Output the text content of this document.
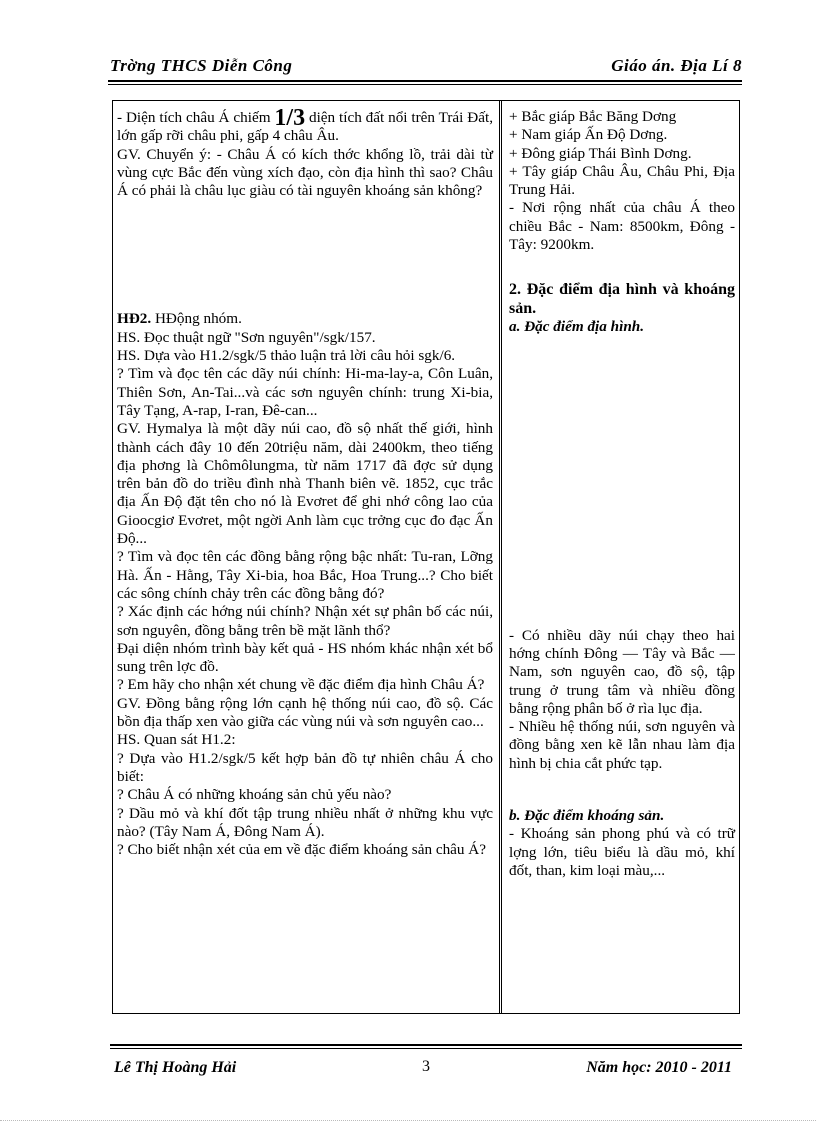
Trờng THCS Diễn Công	Giáo án. Địa Lí 8

- Diện tích châu Á chiếm 1/3 diện tích đất nổi trên Trái Đất, lớn gấp rỡi châu phi, gấp 4 châu Âu.

GV. Chuyển ý: - Châu Á có kích thớc khổng lồ, trải dài từ vùng cực Bắc đến vùng xích đạo, còn địa hình thì sao? Châu Á có phải là châu lục giàu có tài nguyên khoáng sản không?

HĐ2. HĐộng nhóm.

HS. Đọc thuật ngữ "Sơn nguyên"/sgk/157.

HS. Dựa vào H1.2/sgk/5 thảo luận trả lời câu hỏi sgk/6.

? Tìm và đọc tên các dãy núi chính: Hi-ma-lay-a, Côn Luân, Thiên Sơn, An-Tai...và các sơn nguyên chính: trung Xi-bia, Tây Tạng, A-rap, I-ran, Đê-can...

GV. Hymalya là một dãy núi cao, đồ sộ nhất thế giới, hình thành cách đây 10 đến 20triệu năm, dài 2400km, theo tiếng địa phơng là Chômôlungma, từ năm 1717 đã đợc sử dụng trên bản đồ do triều đình nhà Thanh biên vẽ. 1852, cục trắc địa Ấn Độ đặt tên cho nó là Evơret để ghi nhớ công lao của Gioocgiơ Evơret, một ngời Anh làm cục trởng cục đo đạc Ấn Độ...

? Tìm và đọc tên các đồng bằng rộng bậc nhất: Tu-ran, Lỡng Hà. Ấn - Hằng, Tây Xi-bia, hoa Bắc, Hoa Trung...? Cho biết các sông chính chảy trên các đồng bằng đó?

? Xác định các hớng núi chính? Nhận xét sự phân bố các núi, sơn nguyên, đồng bằng trên bề mặt lãnh thổ?

Đại diện nhóm trình bày kết quả - HS nhóm khác nhận xét bổ sung trên lợc đồ.

? Em hãy cho nhận xét chung về đặc điểm địa hình Châu Á?

GV. Đồng bằng rộng lớn cạnh hệ thống núi cao, đồ sộ. Các bồn địa thấp xen vào giữa các vùng núi và sơn nguyên cao...

HS. Quan sát H1.2:

? Dựa vào H1.2/sgk/5 kết hợp bản đồ tự nhiên châu Á cho biết:

? Châu Á có những khoáng sản chủ yếu nào?

? Dầu mỏ và khí đốt tập trung nhiều nhất ở những khu vực nào? (Tây Nam Á, Đông Nam Á).

? Cho biết nhận xét của em về đặc điểm khoáng sản châu Á?

+ Bắc giáp Bắc Băng Dơng

+ Nam giáp Ấn Độ Dơng.

+ Đông giáp Thái Bình Dơng.

+ Tây giáp Châu Âu, Châu Phi, Địa Trung Hải.

- Nơi rộng nhất của châu Á theo chiều Bắc - Nam: 8500km, Đông - Tây: 9200km.

2. Đặc điểm địa hình và khoáng sản.

a. Đặc điểm địa hình.

- Có nhiều dãy núi chạy theo hai hớng chính Đông — Tây và Bắc — Nam, sơn nguyên cao, đồ sộ, tập trung ở trung tâm và nhiều đồng bằng rộng phân bố ở rìa lục địa.

- Nhiều hệ thống núi, sơn nguyên và đồng bằng xen kẽ lẫn nhau làm địa hình bị chia cắt phức tạp.

b. Đặc điểm khoáng sản.

- Khoáng sản phong phú và có trữ lợng lớn, tiêu biểu là dầu mỏ, khí đốt, than, kim loại màu,...

Lê Thị Hoàng Hải	3	Năm học: 2010 - 2011
